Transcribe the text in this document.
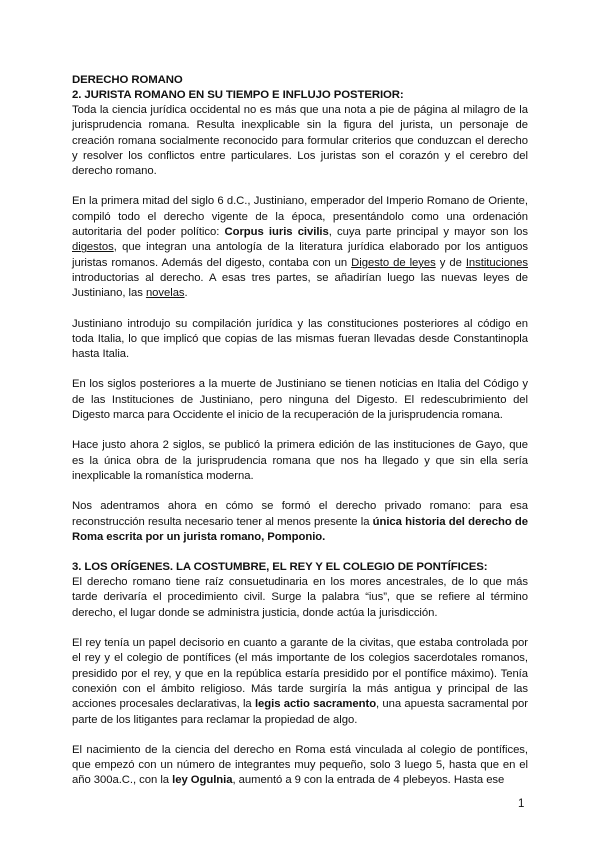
DERECHO ROMANO
2. JURISTA ROMANO EN SU TIEMPO E INFLUJO POSTERIOR:

Toda la ciencia jurídica occidental no es más que una nota a pie de página al milagro de la jurisprudencia romana. Resulta inexplicable sin la figura del jurista, un personaje de creación romana socialmente reconocido para formular criterios que conduzcan el derecho y resolver los conflictos entre particulares. Los juristas son el corazón y el cerebro del derecho romano.

En la primera mitad del siglo 6 d.C., Justiniano, emperador del Imperio Romano de Oriente, compiló todo el derecho vigente de la época, presentándolo como una ordenación autoritaria del poder político: Corpus iuris civilis, cuya parte principal y mayor son los digestos, que integran una antología de la literatura jurídica elaborado por los antiguos juristas romanos. Además del digesto, contaba con un Digesto de leyes y de Instituciones introductorias al derecho. A esas tres partes, se añadirían luego las nuevas leyes de Justiniano, las novelas.

Justiniano introdujo su compilación jurídica y las constituciones posteriores al código en toda Italia, lo que implicó que copias de las mismas fueran llevadas desde Constantinopla hasta Italia.

En los siglos posteriores a la muerte de Justiniano se tienen noticias en Italia del Código y de las Instituciones de Justiniano, pero ninguna del Digesto. El redescubrimiento del Digesto marca para Occidente el inicio de la recuperación de la jurisprudencia romana.

Hace justo ahora 2 siglos, se publicó la primera edición de las instituciones de Gayo, que es la única obra de la jurisprudencia romana que nos ha llegado y que sin ella sería inexplicable la romanística moderna.

Nos adentramos ahora en cómo se formó el derecho privado romano: para esa reconstrucción resulta necesario tener al menos presente la única historia del derecho de Roma escrita por un jurista romano, Pomponio.

3. LOS ORÍGENES. LA COSTUMBRE, EL REY Y EL COLEGIO DE PONTÍFICES:

El derecho romano tiene raíz consuetudinaria en los mores ancestrales, de lo que más tarde derivaría el procedimiento civil. Surge la palabra “ius”, que se refiere al término derecho, el lugar donde se administra justicia, donde actúa la jurisdicción.

El rey tenía un papel decisorio en cuanto a garante de la civitas, que estaba controlada por el rey y el colegio de pontífices (el más importante de los colegios sacerdotales romanos, presidido por el rey, y que en la república estaría presidido por el pontífice máximo). Tenía conexión con el ámbito religioso. Más tarde surgiría la más antigua y principal de las acciones procesales declarativas, la legis actio sacramento, una apuesta sacramental por parte de los litigantes para reclamar la propiedad de algo.

El nacimiento de la ciencia del derecho en Roma está vinculada al colegio de pontífices, que empezó con un número de integrantes muy pequeño, solo 3 luego 5, hasta que en el año 300a.C., con la ley Ogulnia, aumentó a 9 con la entrada de 4 plebeyos. Hasta ese

1
